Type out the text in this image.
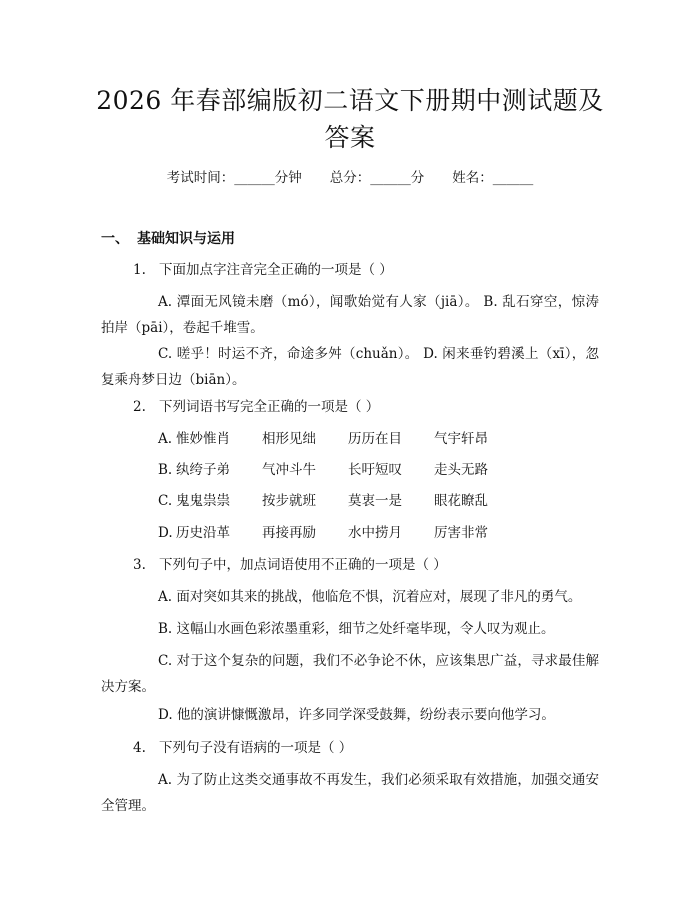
2026 年春部编版初二语文下册期中测试题及
答案
考试时间：______分钟 总分：______分 姓名：______
一、 基础知识与运用
1. 下面加点字注音完全正确的一项是（ ）
A. 潭面无风镜未磨（mó），闻歌始觉有人家（jiā）。 B. 乱石穿空，惊涛拍岸（pāi），卷起千堆雪。
C. 嗟乎！时运不齐，命途多舛（chuǎn）。 D. 闲来垂钓碧溪上（xī），忽复乘舟梦日边（biān）。
2. 下列词语书写完全正确的一项是（ ）
A. 惟妙惟肖	相形见绌	历历在目	气宇轩昂
B. 纨绔子弟	气冲斗牛	长吁短叹	走头无路
C. 鬼鬼祟祟	按步就班	莫衷一是	眼花瞭乱
D. 历史沿革	再接再励	水中捞月	厉害非常
3. 下列句子中，加点词语使用不正确的一项是（ ）
A. 面对突如其来的挑战，他临危不惧，沉着应对，展现了非凡的勇气。
B. 这幅山水画色彩浓墨重彩，细节之处纤毫毕现，令人叹为观止。
C. 对于这个复杂的问题，我们不必争论不休，应该集思广益，寻求最佳解决方案。
D. 他的演讲慷慨激昂，许多同学深受鼓舞，纷纷表示要向他学习。
4. 下列句子没有语病的一项是（ ）
A. 为了防止这类交通事故不再发生，我们必须采取有效措施，加强交通安全管理。
